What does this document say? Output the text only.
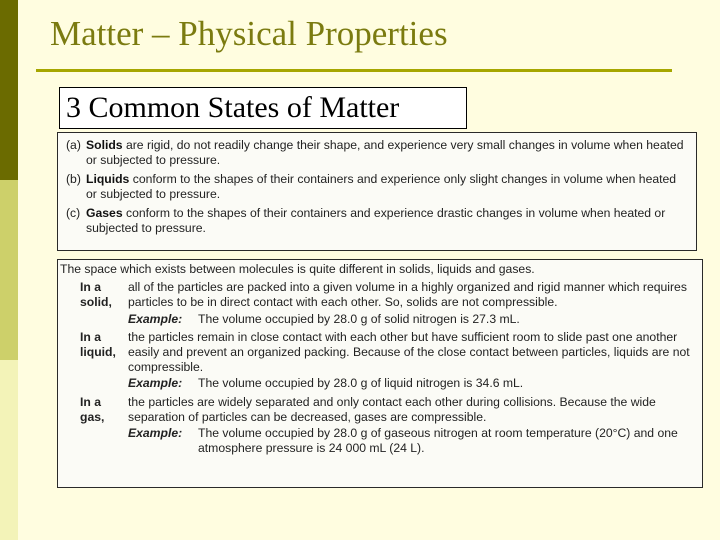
Matter – Physical Properties
3 Common States of Matter
(a) Solids are rigid, do not readily change their shape, and experience very small changes in volume when heated or subjected to pressure.
(b) Liquids conform to the shapes of their containers and experience only slight changes in volume when heated or subjected to pressure.
(c) Gases conform to the shapes of their containers and experience drastic changes in volume when heated or subjected to pressure.
The space which exists between molecules is quite different in solids, liquids and gases.
In a solid,
all of the particles are packed into a given volume in a highly organized and rigid manner which requires particles to be in direct contact with each other. So, solids are not compressible.
Example:	The volume occupied by 28.0 g of solid nitrogen is 27.3 mL.
In a liquid,
the particles remain in close contact with each other but have sufficient room to slide past one another easily and prevent an organized packing. Because of the close contact between particles, liquids are not compressible.
Example:	The volume occupied by 28.0 g of liquid nitrogen is 34.6 mL.
In a gas,
the particles are widely separated and only contact each other during collisions. Because the wide separation of particles can be decreased, gases are compressible.
Example:	The volume occupied by 28.0 g of gaseous nitrogen at room temperature (20°C) and one atmosphere pressure is 24 000 mL (24 L).
